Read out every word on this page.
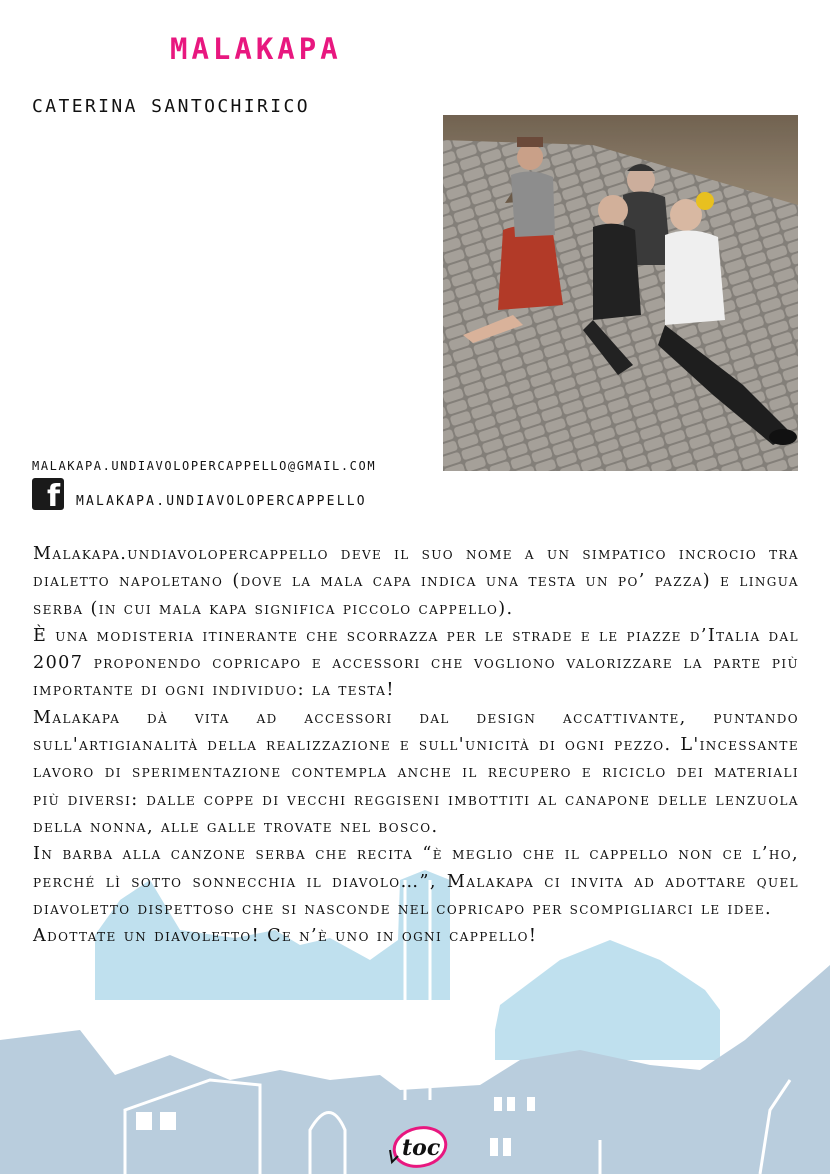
MALAKAPA
CATERINA SANTOCHIRICO
MALAKAPA.UNDIAVOLOPERCAPPELLO@GMAIL.COM
f MALAKAPA.UNDIAVOLOPERCAPPELLO

Malakapa.undiavolopercappello deve il suo nome a un simpatico incrocio tra dialetto napoletano (dove la mala capa indica una testa un po’ pazza) e lingua serba (in cui mala kapa significa piccolo cappello).

È una modisteria itinerante che scorrazza per le strade e le piazze d’Italia dal 2007 proponendo copricapo e accessori che vogliono valorizzare la parte più importante di ogni individuo: la testa!

Malakapa dà vita ad accessori dal design accattivante, puntando sull'artigianalità della realizzazione e sull'unicità di ogni pezzo. L'incessante lavoro di sperimentazione contempla anche il recupero e riciclo dei materiali più diversi: dalle coppe di vecchi reggiseni imbottiti al canapone delle lenzuola della nonna, alle galle trovate nel bosco.

In barba alla canzone serba che recita “è meglio che il cappello non ce l’ho, perché lì sotto sonnecchia il diavolo…”, Malakapa ci invita ad adottare quel diavoletto dispettoso che si nasconde nel copricapo per scompigliarci le idee.

Adottate un diavoletto! Ce n’è uno in ogni cappello!

toc
